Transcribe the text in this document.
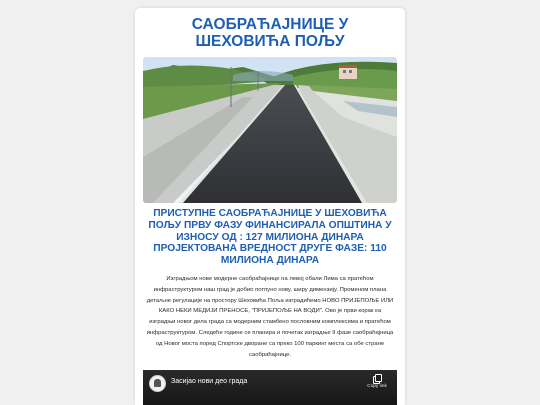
САОБРАЋАЈНИЦЕ У ШЕХОВИЋА ПОЉУ
ПРИСТУПНЕ САОБРАЋАЈНИЦЕ У ШЕХОВИЋА ПОЉУ ПРВУ ФАЗУ ФИНАНСИРАЛА ОПШТИНА У ИЗНОСУ ОД : 127 МИЛИОНА ДИНАРА ПРОЈЕКТОВАНА ВРЕДНОСТ ДРУГЕ ФАЗЕ: 110 МИЛИОНА ДИНАРА
Изградњом нове модерне саобраћајнице на левој обали Лима са пратећом инфраструктуром наш град је добио потпуно нову, ширу димензију. Променом плана детаљне регулације на простору Шеховића Поља изградићемо НОВО ПРИЈЕПОЉЕ ИЛИ КАКО НЕКИ МЕДИЈИ ПРЕНОСЕ, "ПРИЈЕПОЉЕ НА ВОДИ". Ово је први корак ка изградњи новог дела града са модерним стамбено пословним комплексима и пратећом инфраструктуром. Следеће године се планира и почетак изградње II фазе саобраћајница од Новог моста поред Спортске дворане са преко 100 паркинг места са обе стране саобраћајнице.
Засијао нови део града
Copy link
